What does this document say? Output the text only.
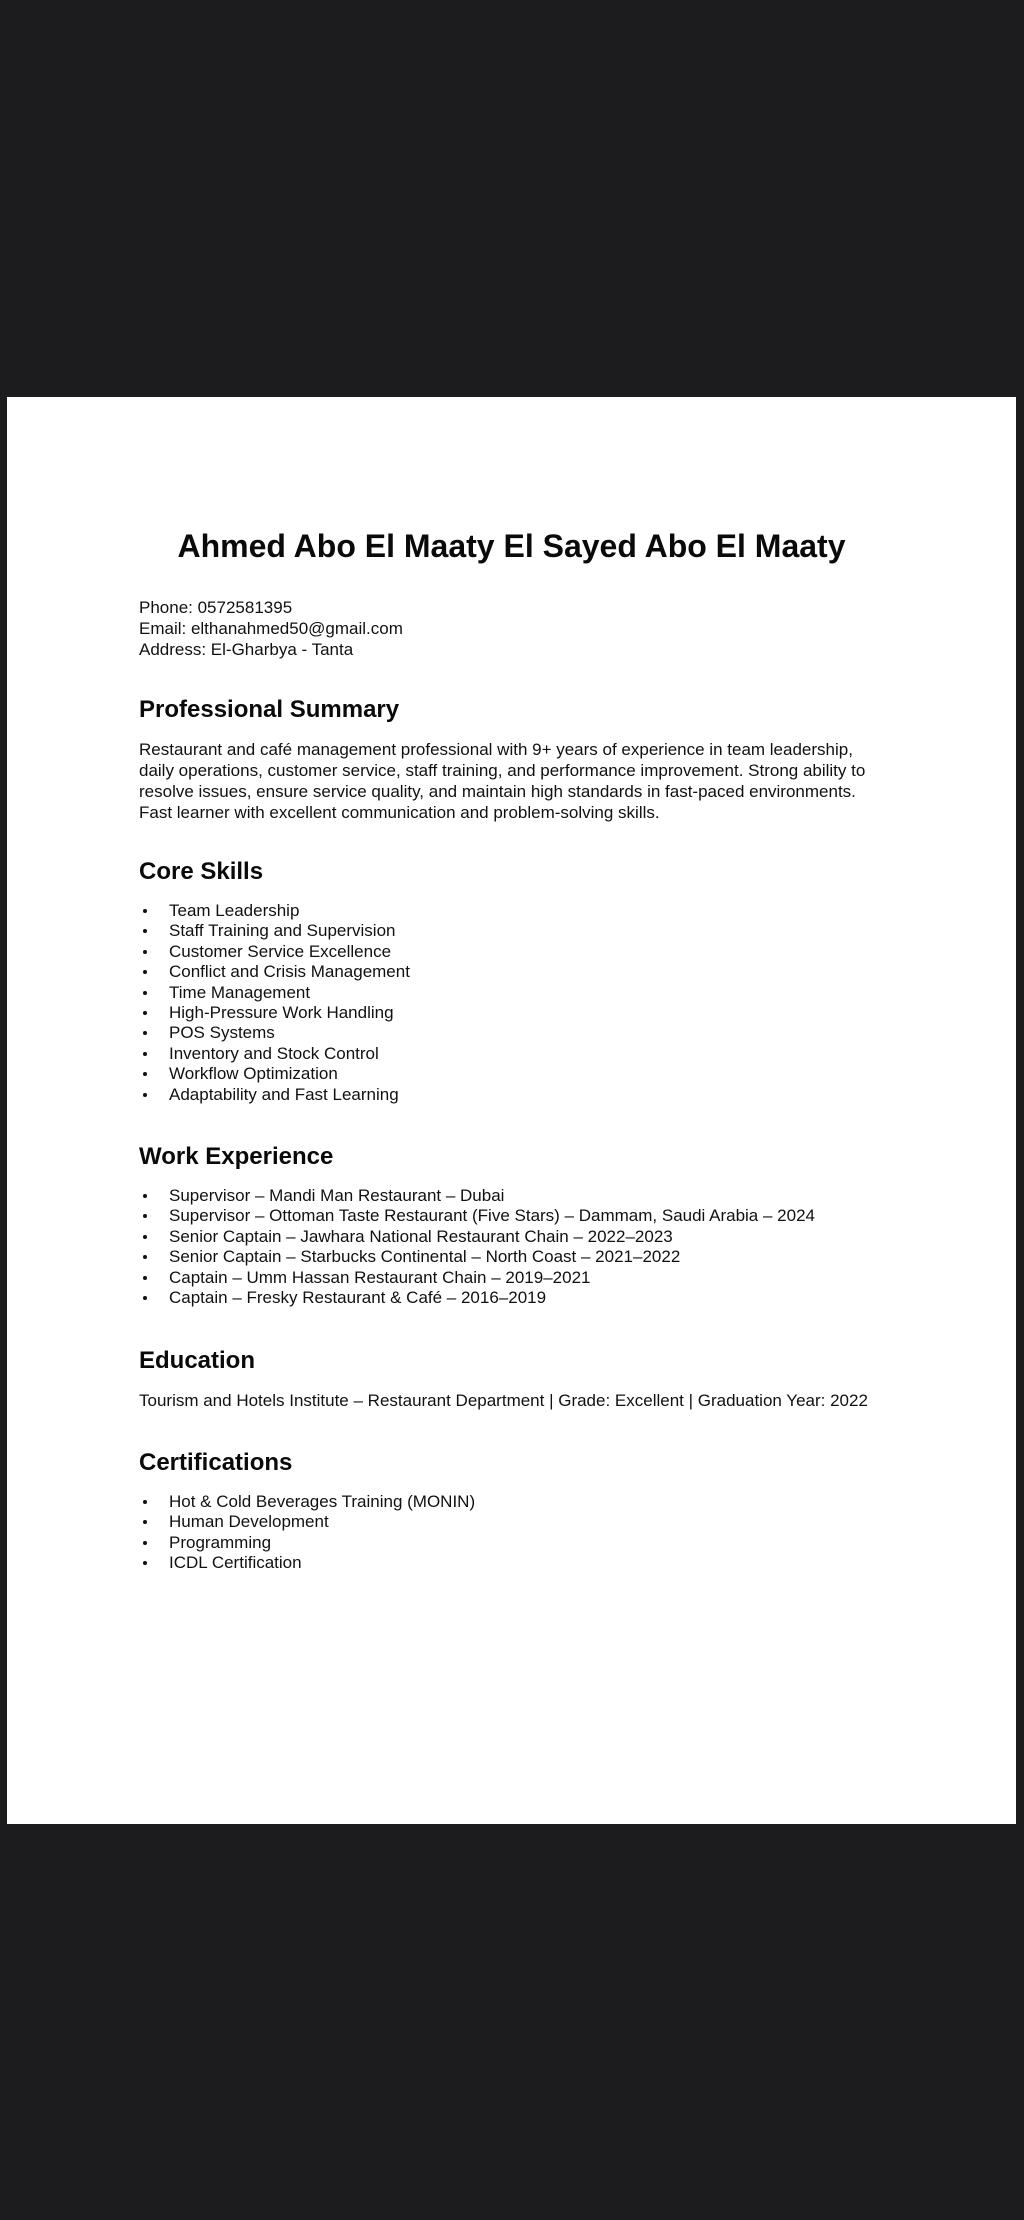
Ahmed Abo El Maaty El Sayed Abo El Maaty
Phone: 0572581395
Email: elthanahmed50@gmail.com
Address: El-Gharbya - Tanta
Professional Summary

Restaurant and café management professional with 9+ years of experience in team leadership, daily operations, customer service, staff training, and performance improvement. Strong ability to resolve issues, ensure service quality, and maintain high standards in fast-paced environments. Fast learner with excellent communication and problem-solving skills.

Core Skills
Team Leadership
Staff Training and Supervision
Customer Service Excellence
Conflict and Crisis Management
Time Management
High-Pressure Work Handling
POS Systems
Inventory and Stock Control
Workflow Optimization
Adaptability and Fast Learning
Work Experience
Supervisor – Mandi Man Restaurant – Dubai
Supervisor – Ottoman Taste Restaurant (Five Stars) – Dammam, Saudi Arabia – 2024
Senior Captain – Jawhara National Restaurant Chain – 2022–2023
Senior Captain – Starbucks Continental – North Coast – 2021–2022
Captain – Umm Hassan Restaurant Chain – 2019–2021
Captain – Fresky Restaurant & Café – 2016–2019
Education

Tourism and Hotels Institute – Restaurant Department | Grade: Excellent | Graduation Year: 2022

Certifications
Hot & Cold Beverages Training (MONIN)
Human Development
Programming
ICDL Certification
